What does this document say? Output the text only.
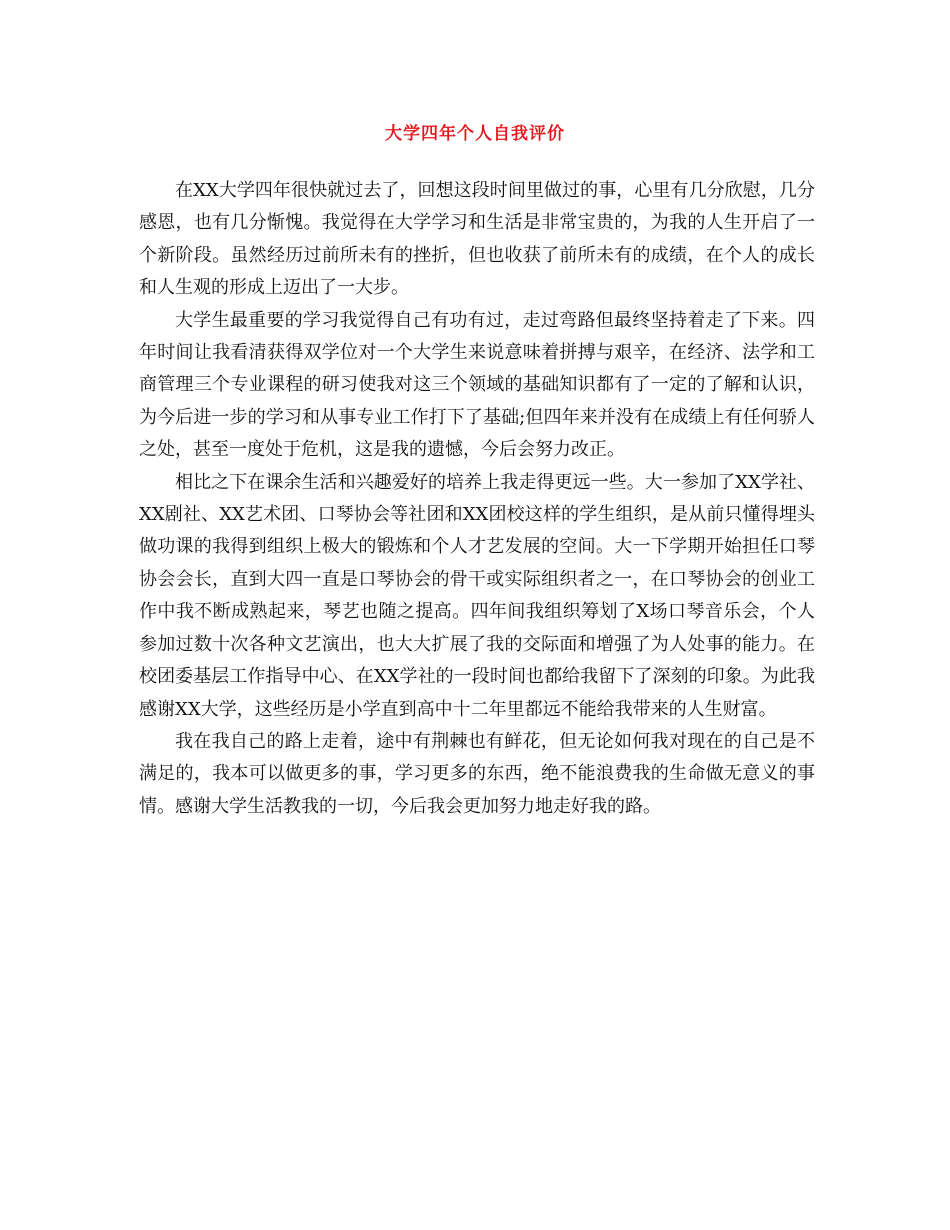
大学四年个人自我评价

在XX大学四年很快就过去了，回想这段时间里做过的事，心里有几分欣慰，几分感恩，也有几分惭愧。我觉得在大学学习和生活是非常宝贵的，为我的人生开启了一个新阶段。虽然经历过前所未有的挫折，但也收获了前所未有的成绩，在个人的成长和人生观的形成上迈出了一大步。

大学生最重要的学习我觉得自己有功有过，走过弯路但最终坚持着走了下来。四年时间让我看清获得双学位对一个大学生来说意味着拼搏与艰辛，在经济、法学和工商管理三个专业课程的研习使我对这三个领域的基础知识都有了一定的了解和认识，为今后进一步的学习和从事专业工作打下了基础;但四年来并没有在成绩上有任何骄人之处，甚至一度处于危机，这是我的遗憾，今后会努力改正。

相比之下在课余生活和兴趣爱好的培养上我走得更远一些。大一参加了XX学社、XX剧社、XX艺术团、口琴协会等社团和XX团校这样的学生组织，是从前只懂得埋头做功课的我得到组织上极大的锻炼和个人才艺发展的空间。大一下学期开始担任口琴协会会长，直到大四一直是口琴协会的骨干或实际组织者之一，在口琴协会的创业工作中我不断成熟起来，琴艺也随之提高。四年间我组织筹划了X场口琴音乐会，个人参加过数十次各种文艺演出，也大大扩展了我的交际面和增强了为人处事的能力。在校团委基层工作指导中心、在XX学社的一段时间也都给我留下了深刻的印象。为此我感谢XX大学，这些经历是小学直到高中十二年里都远不能给我带来的人生财富。

我在我自己的路上走着，途中有荆棘也有鲜花，但无论如何我对现在的自己是不满足的，我本可以做更多的事，学习更多的东西，绝不能浪费我的生命做无意义的事情。感谢大学生活教我的一切，今后我会更加努力地走好我的路。
